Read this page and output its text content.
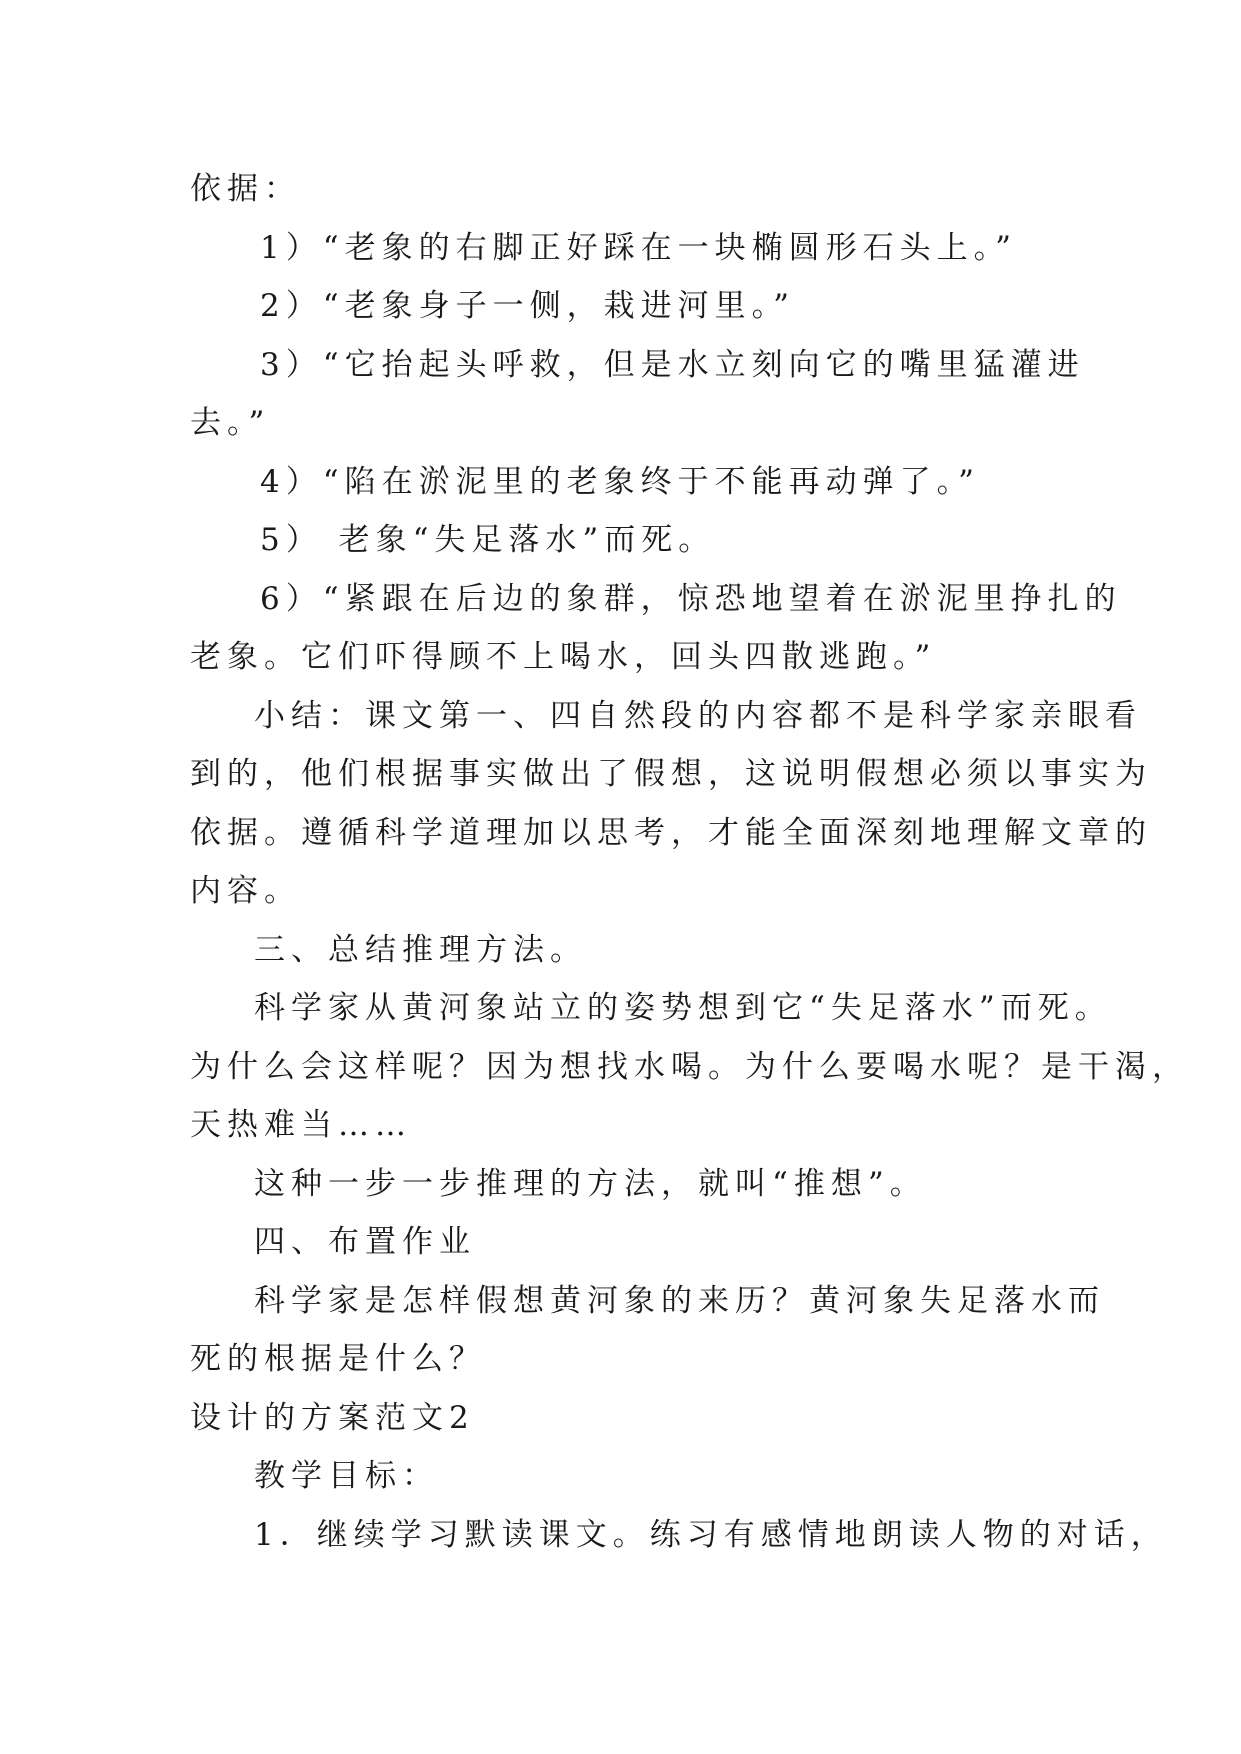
依据：

1）“老象的右脚正好踩在一块椭圆形石头上。”

2）“老象身子一侧，栽进河里。”

3）“它抬起头呼救，但是水立刻向它的嘴里猛灌进

去。”

4）“陷在淤泥里的老象终于不能再动弹了。”

5） 老象“失足落水”而死。

6）“紧跟在后边的象群，惊恐地望着在淤泥里挣扎的

老象。它们吓得顾不上喝水，回头四散逃跑。”

小结：课文第一、四自然段的内容都不是科学家亲眼看

到的，他们根据事实做出了假想，这说明假想必须以事实为

依据。遵循科学道理加以思考，才能全面深刻地理解文章的

内容。

三、总结推理方法。

科学家从黄河象站立的姿势想到它“失足落水”而死。

为什么会这样呢？因为想找水喝。为什么要喝水呢？是干渴，

天热难当……

这种一步一步推理的方法，就叫“推想”。

四、布置作业

科学家是怎样假想黄河象的来历？黄河象失足落水而

死的根据是什么？

设计的方案范文2

教学目标：

1．继续学习默读课文。练习有感情地朗读人物的对话，
